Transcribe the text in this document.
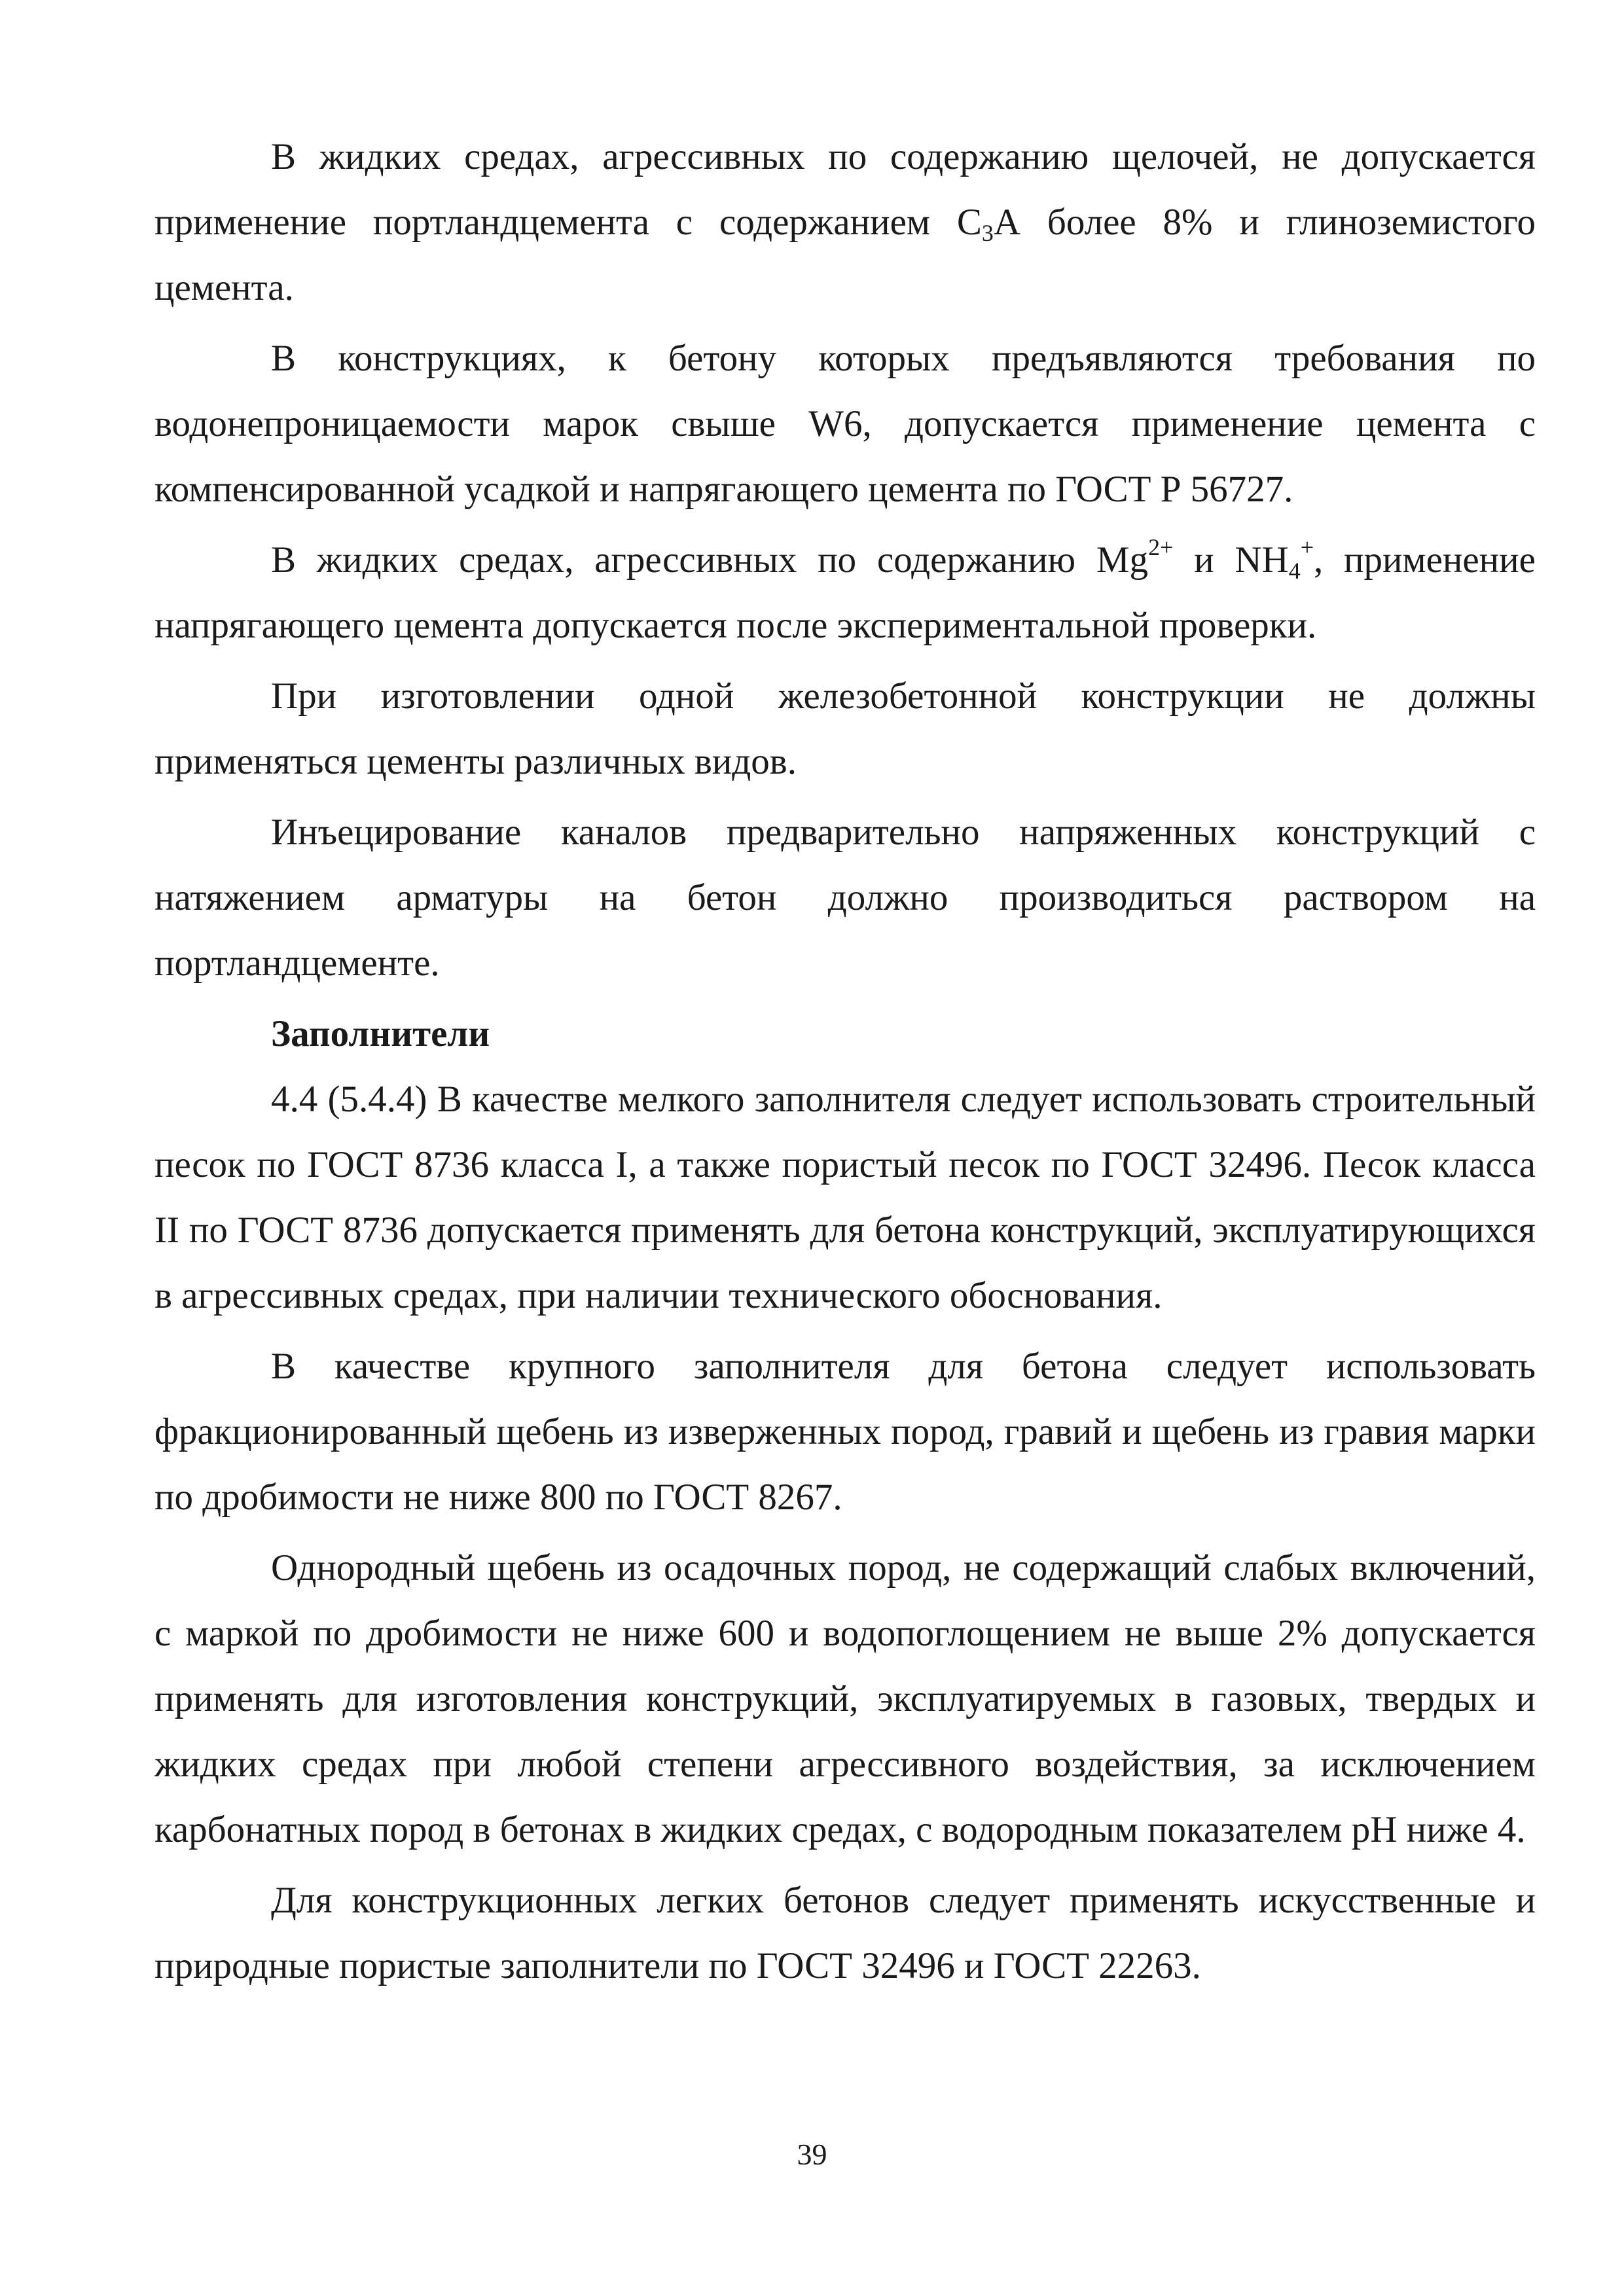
В жидких средах, агрессивных по содержанию щелочей, не допускается применение портландцемента с содержанием $С_3А$ более 8% и глиноземистого цемента.

В конструкциях, к бетону которых предъявляются требования по водонепроницаемости марок свыше W6, допускается применение цемента с компенсированной усадкой и напрягающего цемента по ГОСТ Р 56727.

В жидких средах, агрессивных по содержанию $Mg^{2+}$ и $NH_4^+$, применение напрягающего цемента допускается после экспериментальной проверки.

При изготовлении одной железобетонной конструкции не должны применяться цементы различных видов.

Инъецирование каналов предварительно напряженных конструкций с натяжением арматуры на бетон должно производиться раствором на портландцементе.

Заполнители

4.4 (5.4.4) В качестве мелкого заполнителя следует использовать строительный песок по ГОСТ 8736 класса I, а также пористый песок по ГОСТ 32496. Песок класса II по ГОСТ 8736 допускается применять для бетона конструкций, эксплуатирующихся в агрессивных средах, при наличии технического обоснования.

В качестве крупного заполнителя для бетона следует использовать фракционированный щебень из изверженных пород, гравий и щебень из гравия марки по дробимости не ниже 800 по ГОСТ 8267.

Однородный щебень из осадочных пород, не содержащий слабых включений, с маркой по дробимости не ниже 600 и водопоглощением не выше 2% допускается применять для изготовления конструкций, эксплуатируемых в газовых, твердых и жидких средах при любой степени агрессивного воздействия, за исключением карбонатных пород в бетонах в жидких средах, с водородным показателем pH ниже 4.

Для конструкционных легких бетонов следует применять искусственные и природные пористые заполнители по ГОСТ 32496 и ГОСТ 22263.

39
